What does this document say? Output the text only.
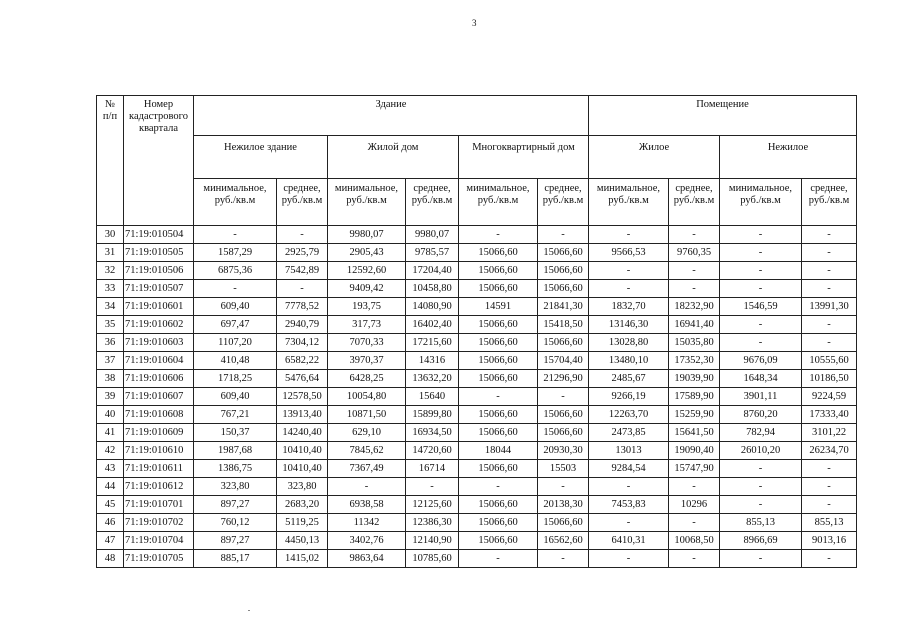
3
№
п/п	Номер кадастрового квартала	Здание						Помещение			
		Нежилое здание		Жилой дом		Многоквартирный дом		Жилое		Нежилое	
		минимальное, руб./кв.м	среднее, руб./кв.м	минимальное, руб./кв.м	среднее, руб./кв.м	минимальное, руб./кв.м	среднее, руб./кв.м	минимальное, руб./кв.м	среднее, руб./кв.м	минимальное, руб./кв.м	среднее, руб./кв.м
30	71:19:010504	-	-	9980,07	9980,07	-	-	-	-	-	-
31	71:19:010505	1587,29	2925,79	2905,43	9785,57	15066,60	15066,60	9566,53	9760,35	-	-
32	71:19:010506	6875,36	7542,89	12592,60	17204,40	15066,60	15066,60	-	-	-	-
33	71:19:010507	-	-	9409,42	10458,80	15066,60	15066,60	-	-	-	-
34	71:19:010601	609,40	7778,52	193,75	14080,90	14591	21841,30	1832,70	18232,90	1546,59	13991,30
35	71:19:010602	697,47	2940,79	317,73	16402,40	15066,60	15418,50	13146,30	16941,40	-	-
36	71:19:010603	1107,20	7304,12	7070,33	17215,60	15066,60	15066,60	13028,80	15035,80	-	-
37	71:19:010604	410,48	6582,22	3970,37	14316	15066,60	15704,40	13480,10	17352,30	9676,09	10555,60
38	71:19:010606	1718,25	5476,64	6428,25	13632,20	15066,60	21296,90	2485,67	19039,90	1648,34	10186,50
39	71:19:010607	609,40	12578,50	10054,80	15640	-	-	9266,19	17589,90	3901,11	9224,59
40	71:19:010608	767,21	13913,40	10871,50	15899,80	15066,60	15066,60	12263,70	15259,90	8760,20	17333,40
41	71:19:010609	150,37	14240,40	629,10	16934,50	15066,60	15066,60	2473,85	15641,50	782,94	3101,22
42	71:19:010610	1987,68	10410,40	7845,62	14720,60	18044	20930,30	13013	19090,40	26010,20	26234,70
43	71:19:010611	1386,75	10410,40	7367,49	16714	15066,60	15503	9284,54	15747,90	-	-
44	71:19:010612	323,80	323,80	-	-	-	-	-	-	-	-
45	71:19:010701	897,27	2683,20	6938,58	12125,60	15066,60	20138,30	7453,83	10296	-	-
46	71:19:010702	760,12	5119,25	11342	12386,30	15066,60	15066,60	-	-	855,13	855,13
47	71:19:010704	897,27	4450,13	3402,76	12140,90	15066,60	16562,60	6410,31	10068,50	8966,69	9013,16
48	71:19:010705	885,17	1415,02	9863,64	10785,60	-	-	-	-	-	-
